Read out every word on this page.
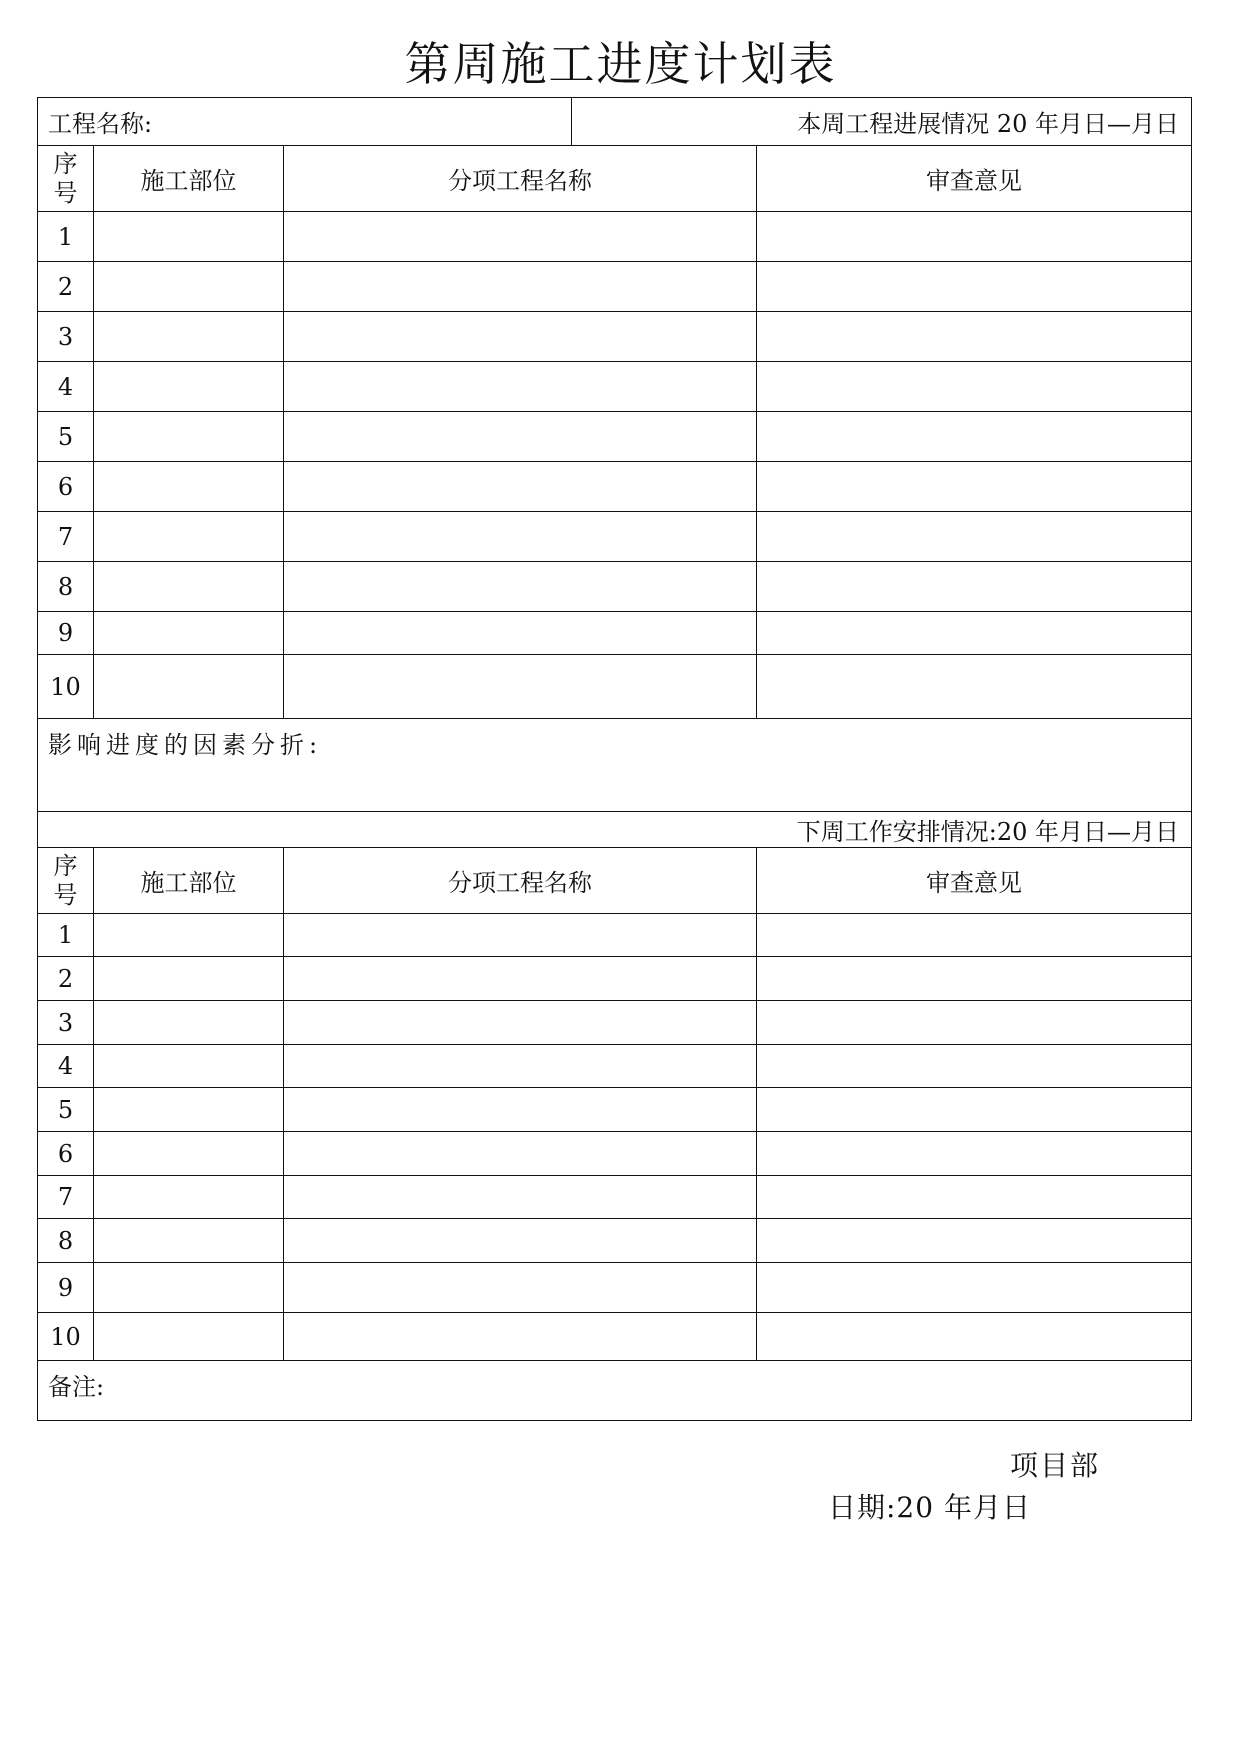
第周施工进度计划表
工程名称:			本周工程进展情况 20 年月日—月日	

序
号	施工部位	分项工程名称		审查意见
1				
2				
3				
4				
5				
6				
7				
8				
9				
10				
影响进度的因素分折:				
下周工作安排情况:20 年月日—月日				

序
号	施工部位	分项工程名称		审查意见
1				
2				
3				
4				
5				
6				
7				
8				
9				
10				
备注:				
项目部
日期:20 年月日
